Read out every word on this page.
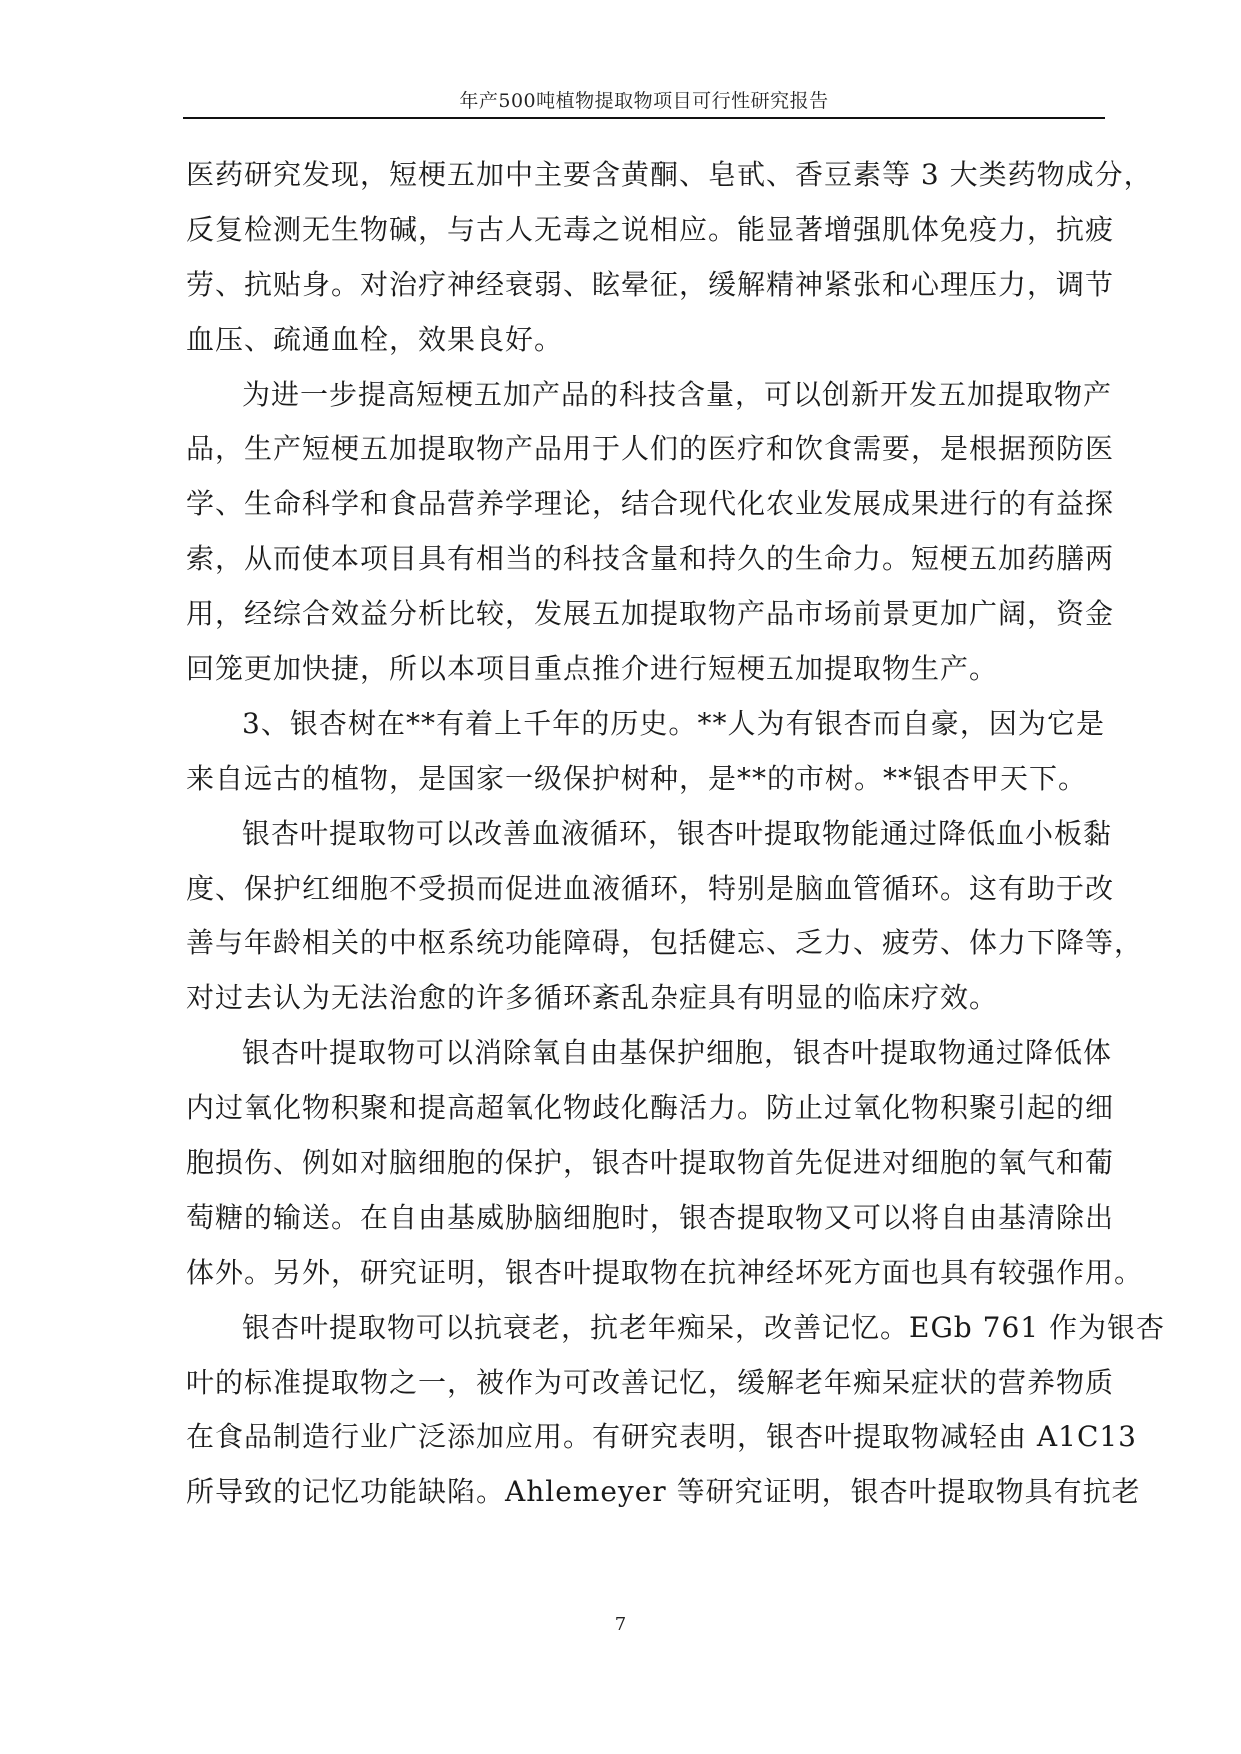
年产500吨植物提取物项目可行性研究报告
医药研究发现，短梗五加中主要含黄酮、皂甙、香豆素等 3 大类药物成分，
反复检测无生物碱，与古人无毒之说相应。能显著增强肌体免疫力，抗疲
劳、抗贴身。对治疗神经衰弱、眩晕征，缓解精神紧张和心理压力，调节
血压、疏通血栓，效果良好。
为进一步提高短梗五加产品的科技含量，可以创新开发五加提取物产
品，生产短梗五加提取物产品用于人们的医疗和饮食需要，是根据预防医
学、生命科学和食品营养学理论，结合现代化农业发展成果进行的有益探
索，从而使本项目具有相当的科技含量和持久的生命力。短梗五加药膳两
用，经综合效益分析比较，发展五加提取物产品市场前景更加广阔，资金
回笼更加快捷，所以本项目重点推介进行短梗五加提取物生产。
3、银杏树在**有着上千年的历史。**人为有银杏而自豪，因为它是
来自远古的植物，是国家一级保护树种，是**的市树。**银杏甲天下。
银杏叶提取物可以改善血液循环，银杏叶提取物能通过降低血小板黏
度、保护红细胞不受损而促进血液循环，特别是脑血管循环。这有助于改
善与年龄相关的中枢系统功能障碍，包括健忘、乏力、疲劳、体力下降等，
对过去认为无法治愈的许多循环紊乱杂症具有明显的临床疗效。
银杏叶提取物可以消除氧自由基保护细胞，银杏叶提取物通过降低体
内过氧化物积聚和提高超氧化物歧化酶活力。防止过氧化物积聚引起的细
胞损伤、例如对脑细胞的保护，银杏叶提取物首先促进对细胞的氧气和葡
萄糖的输送。在自由基威胁脑细胞时，银杏提取物又可以将自由基清除出
体外。另外，研究证明，银杏叶提取物在抗神经坏死方面也具有较强作用。
银杏叶提取物可以抗衰老，抗老年痴呆，改善记忆。EGb 761 作为银杏
叶的标准提取物之一，被作为可改善记忆，缓解老年痴呆症状的营养物质
在食品制造行业广泛添加应用。有研究表明，银杏叶提取物减轻由 A1C13
所导致的记忆功能缺陷。Ahlemeyer 等研究证明，银杏叶提取物具有抗老
7
